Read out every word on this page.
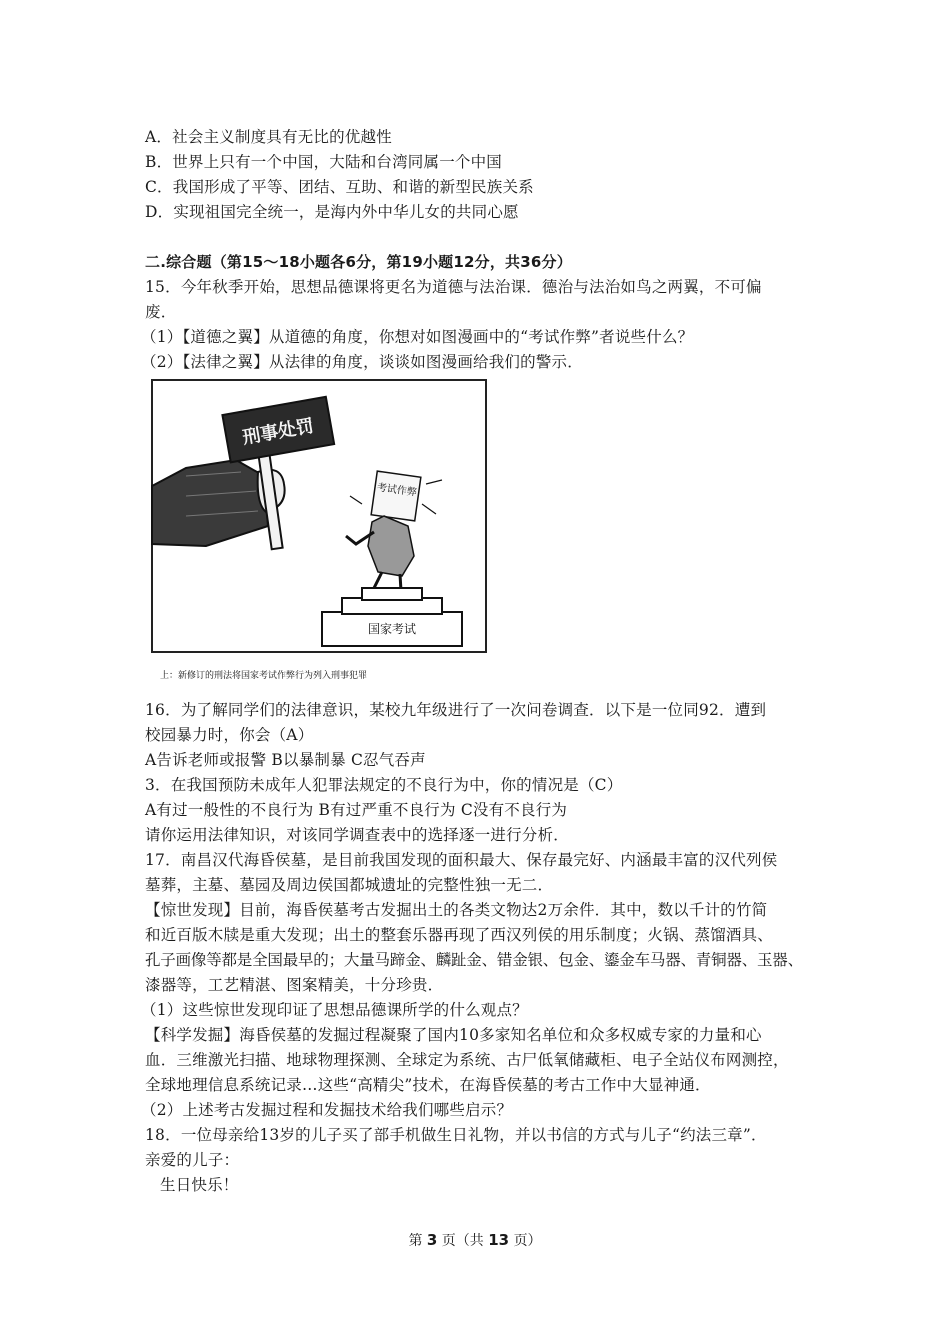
A．社会主义制度具有无比的优越性
B．世界上只有一个中国，大陆和台湾同属一个中国
C．我国形成了平等、团结、互助、和谐的新型民族关系
D．实现祖国完全统一，是海内外中华儿女的共同心愿
二.综合题（第15～18小题各6分，第19小题12分，共36分）
15．今年秋季开始，思想品德课将更名为道德与法治课．德治与法治如鸟之两翼，不可偏
废．
（1）【道德之翼】从道德的角度，你想对如图漫画中的“考试作弊”者说些什么？
（2）【法律之翼】从法律的角度，谈谈如图漫画给我们的警示．
刑事处罚
考试作弊
国家考试
上：新修订的刑法将国家考试作弊行为列入刑事犯罪
16．为了解同学们的法律意识，某校九年级进行了一次问卷调查．以下是一位同92．遭到
校园暴力时，你会（A）
A告诉老师或报警 B以暴制暴 C忍气吞声
3．在我国预防未成年人犯罪法规定的不良行为中，你的情况是（C）
A有过一般性的不良行为 B有过严重不良行为 C没有不良行为
请你运用法律知识，对该同学调查表中的选择逐一进行分析．
17．南昌汉代海昏侯墓，是目前我国发现的面积最大、保存最完好、内涵最丰富的汉代列侯
墓葬，主墓、墓园及周边侯国都城遗址的完整性独一无二．
【惊世发现】目前，海昏侯墓考古发掘出土的各类文物达2万余件．其中，数以千计的竹简
和近百版木牍是重大发现；出土的整套乐器再现了西汉列侯的用乐制度；火锅、蒸馏酒具、
孔子画像等都是全国最早的；大量马蹄金、麟趾金、错金银、包金、鎏金车马器、青铜器、玉器、
漆器等，工艺精湛、图案精美，十分珍贵．
（1）这些惊世发现印证了思想品德课所学的什么观点？
【科学发掘】海昏侯墓的发掘过程凝聚了国内10多家知名单位和众多权威专家的力量和心
血．三维激光扫描、地球物理探测、全球定为系统、古尸低氧储藏柜、电子全站仪布网测控，
全球地理信息系统记录…这些“高精尖”技术，在海昏侯墓的考古工作中大显神通．
（2）上述考古发掘过程和发掘技术给我们哪些启示？
18．一位母亲给13岁的儿子买了部手机做生日礼物，并以书信的方式与儿子“约法三章”．
亲爱的儿子：
生日快乐！
第 3 页（共 13 页）
